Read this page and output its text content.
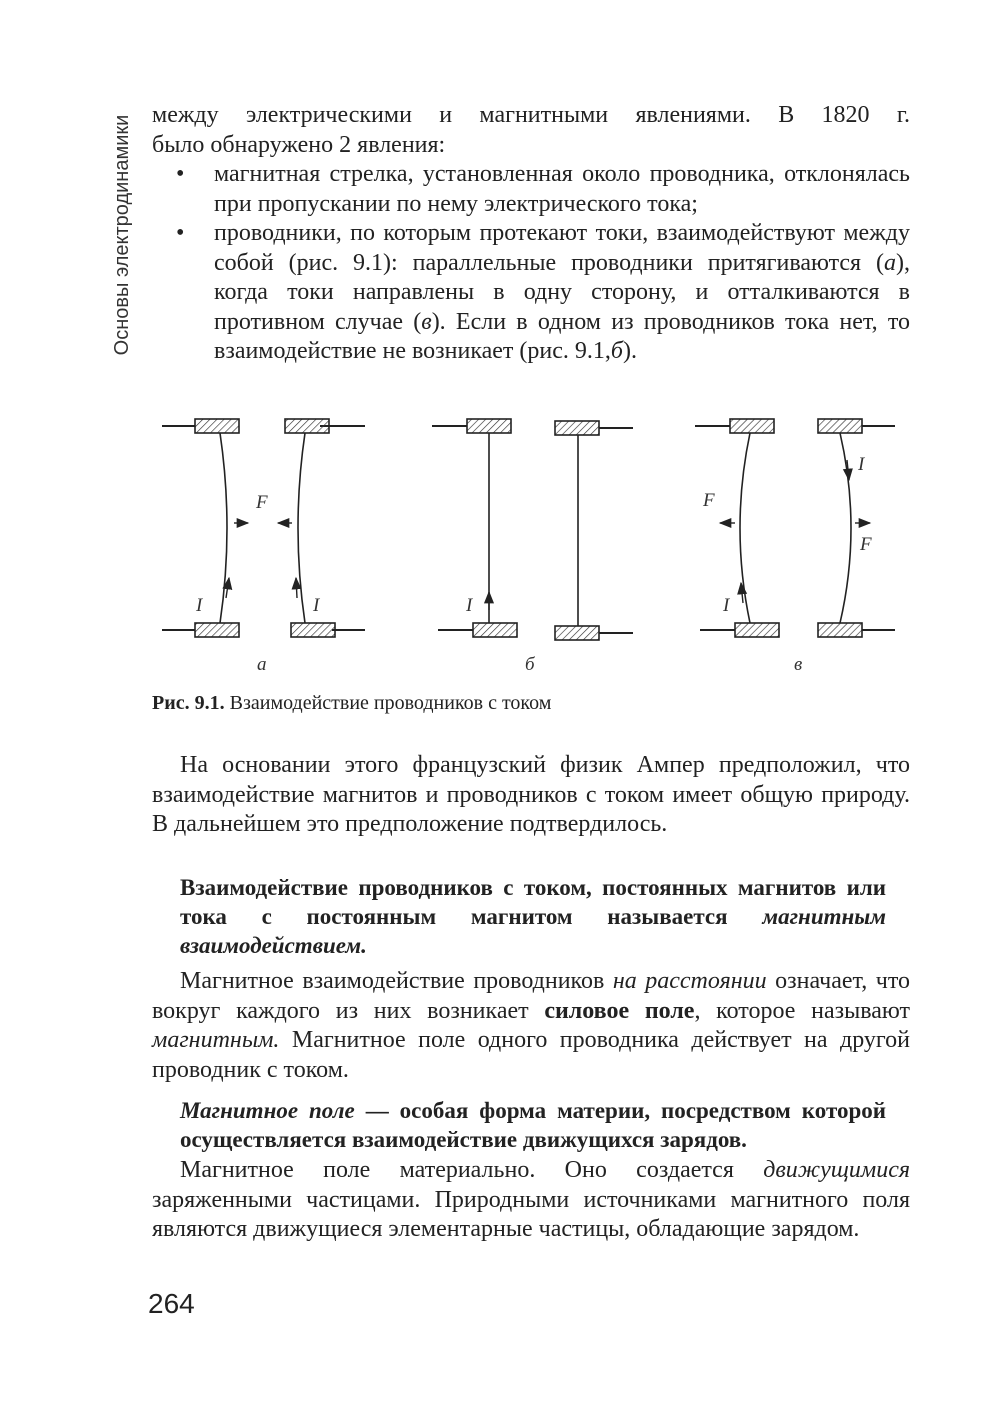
Основы электродинамики между электрическими и магнитными явлениями. В 1820 г.

было обнаружено 2 явления:

• магнитная стрелка, установленная около проводника, отклонялась при пропускании по нему электрического тока;
• проводники, по которым протекают токи, взаимодействуют между собой (рис. 9.1): параллельные проводники притягиваются (а), когда токи направлены в одну сторону, и отталкиваются в противном случае (в). Если в одном из проводников тока нет, то взаимодействие не возникает (рис. 9.1,б).
F
I	I	I
F
I
I
F
а	б	в
Рис. 9.1. Взаимодействие проводников с током
На основании этого французский физик Ампер предположил, что взаимодействие магнитов и проводников с током имеет общую природу. В дальнейшем это предположение подтвердилось.
Взаимодействие проводников с током, постоянных магнитов или тока с постоянным магнитом называется магнитным взаимодействием.
Магнитное взаимодействие проводников на расстоянии означает, что вокруг каждого из них возникает силовое поле, которое называют магнитным. Магнитное поле одного проводника действует на другой проводник с током.
Магнитное поле — особая форма материи, посредством которой осуществляется взаимодействие движущихся зарядов.
Магнитное поле материально. Оно создается движущимися заряженными частицами. Природными источниками магнитного поля являются движущиеся элементарные частицы, обладающие зарядом.
264
